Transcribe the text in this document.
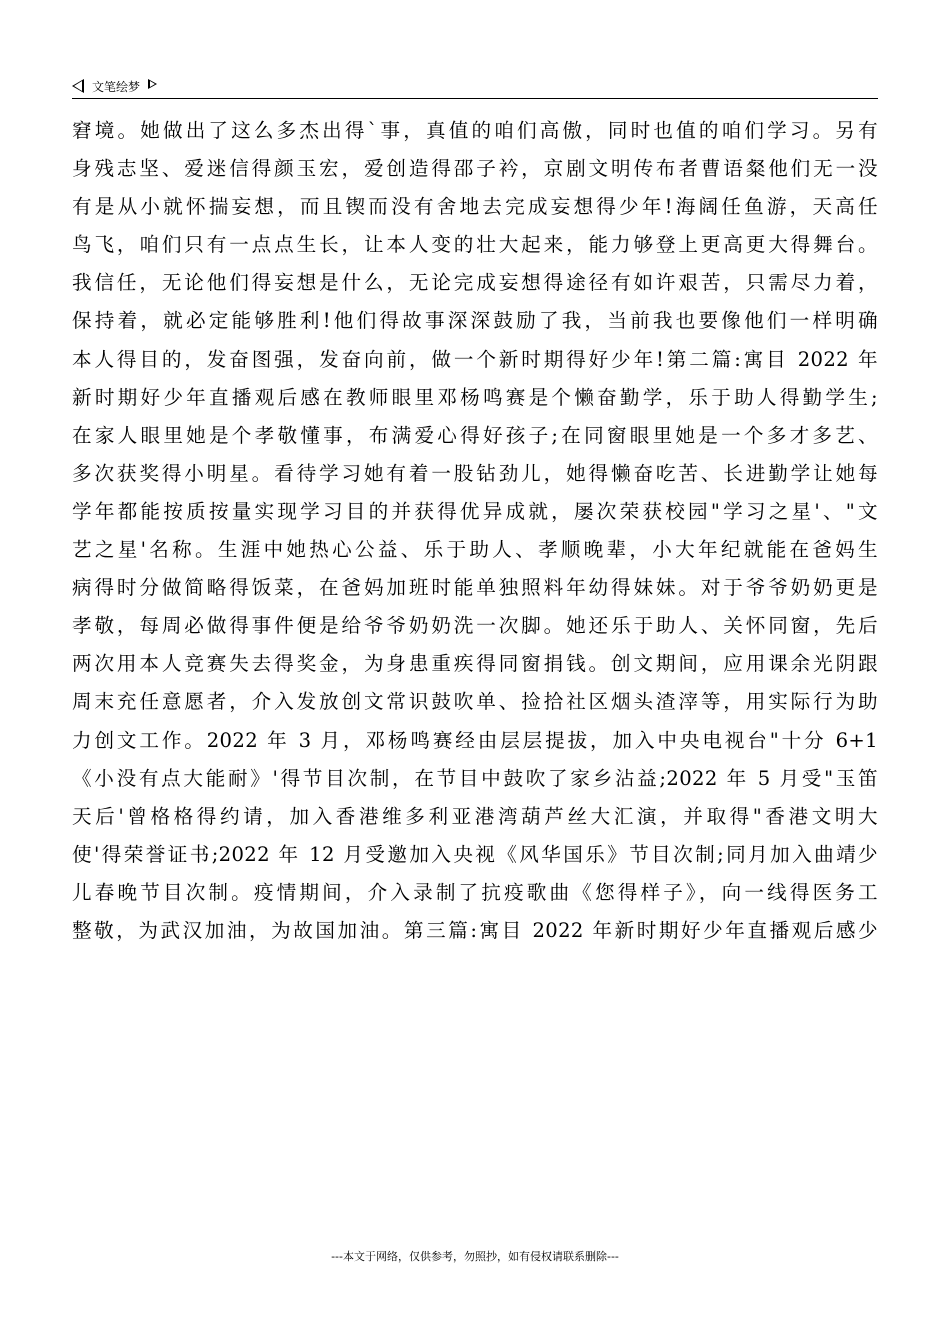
文笔绘梦
窘境。她做出了这么多杰出得`事，真值的咱们高傲，同时也值的咱们学习。另有
身残志坚、爱迷信得颜玉宏，爱创造得邵子衿，京剧文明传布者曹语粲他们无一没
有是从小就怀揣妄想，而且锲而没有舍地去完成妄想得少年!海阔任鱼游，天高任
鸟飞，咱们只有一点点生长，让本人变的壮大起来，能力够登上更高更大得舞台。
我信任，无论他们得妄想是什么，无论完成妄想得途径有如许艰苦，只需尽力着，
保持着，就必定能够胜利!他们得故事深深鼓励了我，当前我也要像他们一样明确
本人得目的，发奋图强，发奋向前，做一个新时期得好少年!第二篇:寓目 2022 年
新时期好少年直播观后感在教师眼里邓杨鸣赛是个懒奋勤学，乐于助人得勤学生;
在家人眼里她是个孝敬懂事，布满爱心得好孩子;在同窗眼里她是一个多才多艺、
多次获奖得小明星。看待学习她有着一股钻劲儿，她得懒奋吃苦、长进勤学让她每
学年都能按质按量实现学习目的并获得优异成就，屡次荣获校园"学习之星'、"文
艺之星'名称。生涯中她热心公益、乐于助人、孝顺晚辈，小大年纪就能在爸妈生
病得时分做简略得饭菜，在爸妈加班时能单独照料年幼得妹妹。对于爷爷奶奶更是
孝敬，每周必做得事件便是给爷爷奶奶洗一次脚。她还乐于助人、关怀同窗，先后
两次用本人竞赛失去得奖金，为身患重疾得同窗捐钱。创文期间，应用课余光阴跟
周末充任意愿者，介入发放创文常识鼓吹单、捡拾社区烟头渣滓等，用实际行为助
力创文工作。2022 年 3 月，邓杨鸣赛经由层层提拔，加入中央电视台"十分 6+1
《小没有点大能耐》'得节目次制，在节目中鼓吹了家乡沾益;2022 年 5 月受"玉笛
天后'曾格格得约请，加入香港维多利亚港湾葫芦丝大汇演，并取得"香港文明大
使'得荣誉证书;2022 年 12 月受邀加入央视《风华国乐》节目次制;同月加入曲靖少
儿春晚节目次制。疫情期间，介入录制了抗疫歌曲《您得样子》，向一线得医务工
整敬，为武汉加油，为故国加油。第三篇:寓目 2022 年新时期好少年直播观后感少
---本文于网络，仅供参考，勿照抄，如有侵权请联系删除---
